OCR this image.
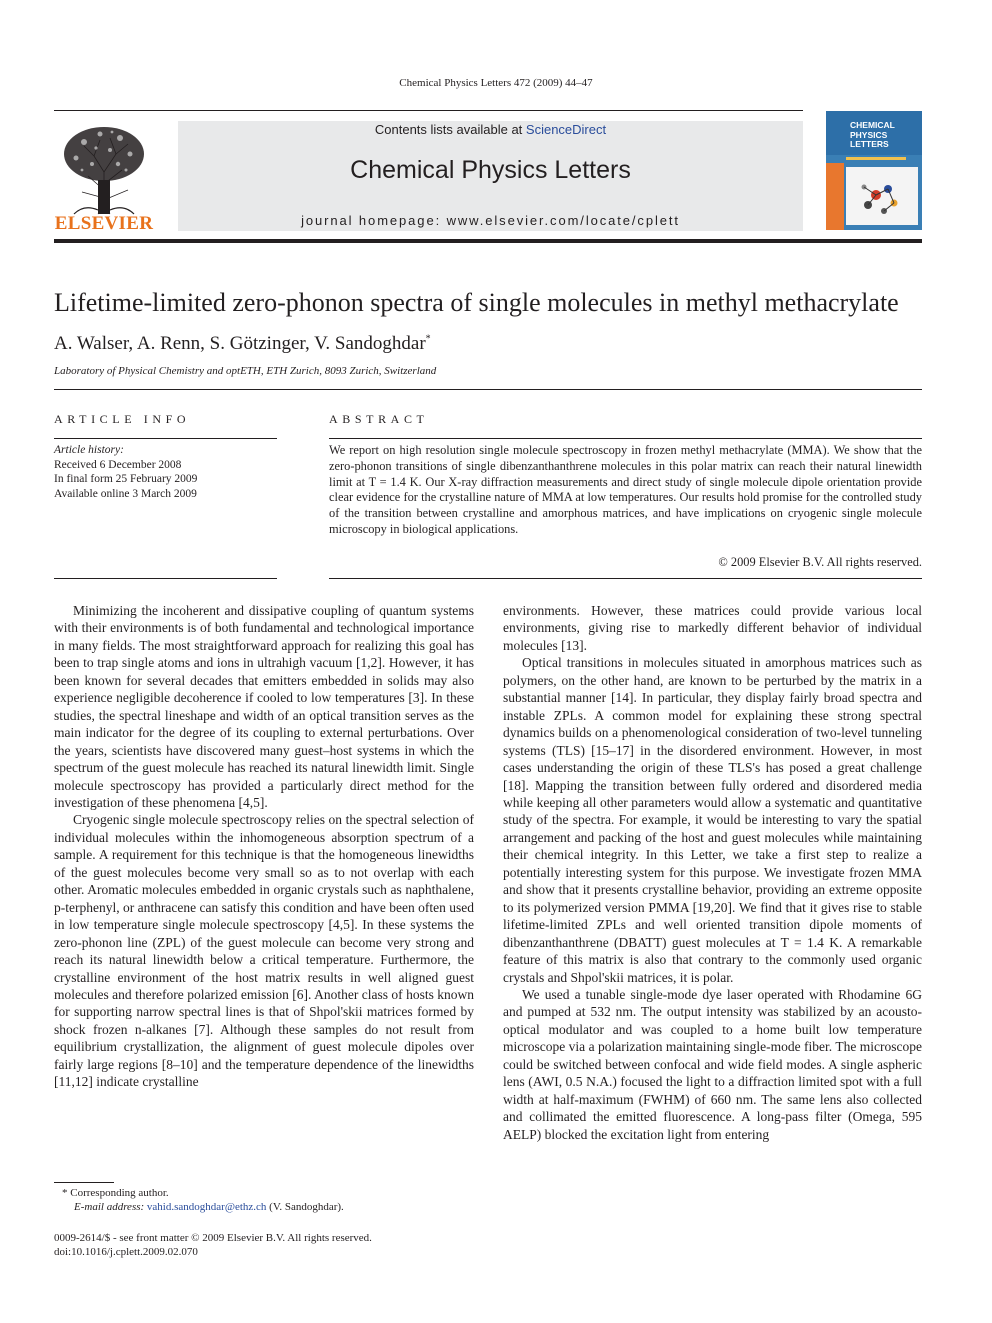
Chemical Physics Letters 472 (2009) 44–47
ELSEVIER
Contents lists available at ScienceDirect
Chemical Physics Letters
journal homepage: www.elsevier.com/locate/cplett
CHEMICAL
PHYSICS
LETTERS
Lifetime-limited zero-phonon spectra of single molecules in methyl methacrylate
A. Walser, A. Renn, S. Götzinger, V. Sandoghdar*
Laboratory of Physical Chemistry and optETH, ETH Zurich, 8093 Zurich, Switzerland
ARTICLE INFO	ABSTRACT
Article history:
Received 6 December 2008
In final form 25 February 2009
Available online 3 March 2009
We report on high resolution single molecule spectroscopy in frozen methyl methacrylate (MMA). We show that the zero-phonon transitions of single dibenzanthanthrene molecules in this polar matrix can reach their natural linewidth limit at T = 1.4 K. Our X-ray diffraction measurements and direct study of single molecule dipole orientation provide clear evidence for the crystalline nature of MMA at low temperatures. Our results hold promise for the controlled study of the transition between crystalline and amorphous matrices, and have implications on cryogenic single molecule microscopy in biological applications.
© 2009 Elsevier B.V. All rights reserved.

Minimizing the incoherent and dissipative coupling of quantum systems with their environments is of both fundamental and technological importance in many fields. The most straightforward approach for realizing this goal has been to trap single atoms and ions in ultrahigh vacuum [1,2]. However, it has been known for several decades that emitters embedded in solids may also experience negligible decoherence if cooled to low temperatures [3]. In these studies, the spectral lineshape and width of an optical transition serves as the main indicator for the degree of its coupling to external perturbations. Over the years, scientists have discovered many guest–host systems in which the spectrum of the guest molecule has reached its natural linewidth limit. Single molecule spectroscopy has provided a particularly direct method for the investigation of these phenomena [4,5].

Cryogenic single molecule spectroscopy relies on the spectral selection of individual molecules within the inhomogeneous absorption spectrum of a sample. A requirement for this technique is that the homogeneous linewidths of the guest molecules become very small so as to not overlap with each other. Aromatic molecules embedded in organic crystals such as naphthalene, p-terphenyl, or anthracene can satisfy this condition and have been often used in low temperature single molecule spectroscopy [4,5]. In these systems the zero-phonon line (ZPL) of the guest molecule can become very strong and reach its natural linewidth below a critical temperature. Furthermore, the crystalline environment of the host matrix results in well aligned guest molecules and therefore polarized emission [6]. Another class of hosts known for supporting narrow spectral lines is that of Shpol'skii matrices formed by shock frozen n-alkanes [7]. Although these samples do not result from equilibrium crystallization, the alignment of guest molecule dipoles over fairly large regions [8–10] and the temperature dependence of the linewidths [11,12] indicate crystalline

environments. However, these matrices could provide various local environments, giving rise to markedly different behavior of individual molecules [13].

Optical transitions in molecules situated in amorphous matrices such as polymers, on the other hand, are known to be perturbed by the matrix in a substantial manner [14]. In particular, they display fairly broad spectra and instable ZPLs. A common model for explaining these strong spectral dynamics builds on a phenomenological consideration of two-level tunneling systems (TLS) [15–17] in the disordered environment. However, in most cases understanding the origin of these TLS's has posed a great challenge [18]. Mapping the transition between fully ordered and disordered media while keeping all other parameters would allow a systematic and quantitative study of the spectra. For example, it would be interesting to vary the spatial arrangement and packing of the host and guest molecules while maintaining their chemical integrity. In this Letter, we take a first step to realize a potentially interesting system for this purpose. We investigate frozen MMA and show that it presents crystalline behavior, providing an extreme opposite to its polymerized version PMMA [19,20]. We find that it gives rise to stable lifetime-limited ZPLs and well oriented transition dipole moments of dibenzanthanthrene (DBATT) guest molecules at T = 1.4 K. A remarkable feature of this matrix is also that contrary to the commonly used organic crystals and Shpol'skii matrices, it is polar.

We used a tunable single-mode dye laser operated with Rhodamine 6G and pumped at 532 nm. The output intensity was stabilized by an acousto-optical modulator and was coupled to a home built low temperature microscope via a polarization maintaining single-mode fiber. The microscope could be switched between confocal and wide field modes. A single aspheric lens (AWI, 0.5 N.A.) focused the light to a diffraction limited spot with a full width at half-maximum (FWHM) of 660 nm. The same lens also collected and collimated the emitted fluorescence. A long-pass filter (Omega, 595 AELP) blocked the excitation light from entering

* Corresponding author.
E-mail address: vahid.sandoghdar@ethz.ch (V. Sandoghdar).
0009-2614/$ - see front matter © 2009 Elsevier B.V. All rights reserved.
doi:10.1016/j.cplett.2009.02.070
